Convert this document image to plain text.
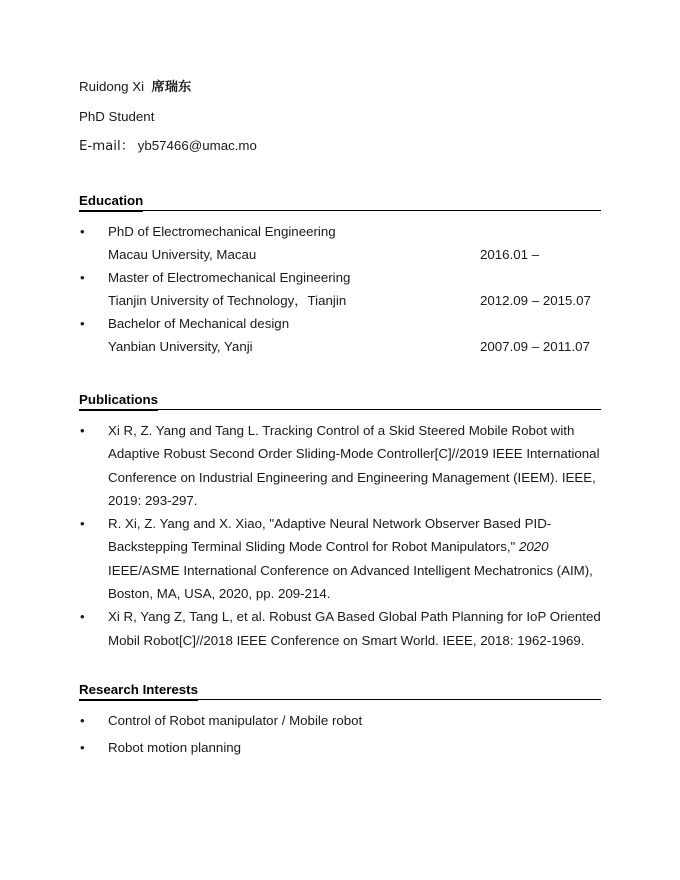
Ruidong Xi 席瑞东
PhD Student
E-mail： yb57466@umac.mo
Education
•	PhD of Electromechanical Engineering
Macau University, Macau	2016.01 –
•	Master of Electromechanical Engineering
Tianjin University of Technology，Tianjin	2012.09 – 2015.07
•	Bachelor of Mechanical design
Yanbian University, Yanji	2007.09 – 2011.07
Publications
•	Xi R, Z. Yang and Tang L. Tracking Control of a Skid Steered Mobile Robot with Adaptive Robust Second Order Sliding-Mode Controller[C]//2019 IEEE International Conference on Industrial Engineering and Engineering Management (IEEM). IEEE, 2019: 293-297.
•	R. Xi, Z. Yang and X. Xiao, "Adaptive Neural Network Observer Based PID-Backstepping Terminal Sliding Mode Control for Robot Manipulators," 2020 IEEE/ASME International Conference on Advanced Intelligent Mechatronics (AIM), Boston, MA, USA, 2020, pp. 209-214.
•	Xi R, Yang Z, Tang L, et al. Robust GA Based Global Path Planning for IoP Oriented Mobil Robot[C]//2018 IEEE Conference on Smart World. IEEE, 2018: 1962-1969.
Research Interests
•	Control of Robot manipulator / Mobile robot
•	Robot motion planning
